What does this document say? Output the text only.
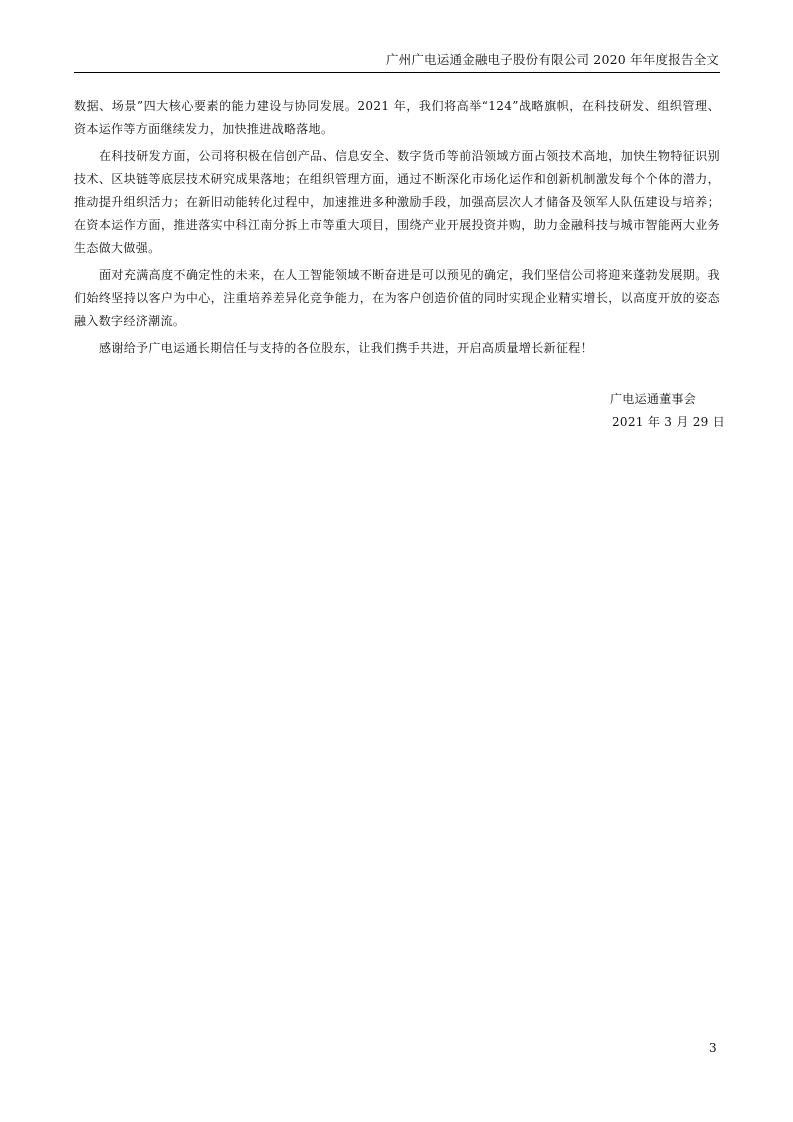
广州广电运通金融电子股份有限公司 2020 年年度报告全文

数据、场景”四大核心要素的能力建设与协同发展。2021 年，我们将高举“124”战略旗帜，在科技研发、组织管理、资本运作等方面继续发力，加快推进战略落地。

在科技研发方面，公司将积极在信创产品、信息安全、数字货币等前沿领域方面占领技术高地，加快生物特征识别技术、区块链等底层技术研究成果落地；在组织管理方面，通过不断深化市场化运作和创新机制激发每个个体的潜力，推动提升组织活力；在新旧动能转化过程中，加速推进多种激励手段，加强高层次人才储备及领军人队伍建设与培养；在资本运作方面，推进落实中科江南分拆上市等重大项目，围绕产业开展投资并购，助力金融科技与城市智能两大业务生态做大做强。

面对充满高度不确定性的未来，在人工智能领域不断奋进是可以预见的确定，我们坚信公司将迎来蓬勃发展期。我们始终坚持以客户为中心，注重培养差异化竞争能力，在为客户创造价值的同时实现企业精实增长，以高度开放的姿态融入数字经济潮流。

感谢给予广电运通长期信任与支持的各位股东，让我们携手共进，开启高质量增长新征程！

广电运通董事会
2021 年 3 月 29 日
3
